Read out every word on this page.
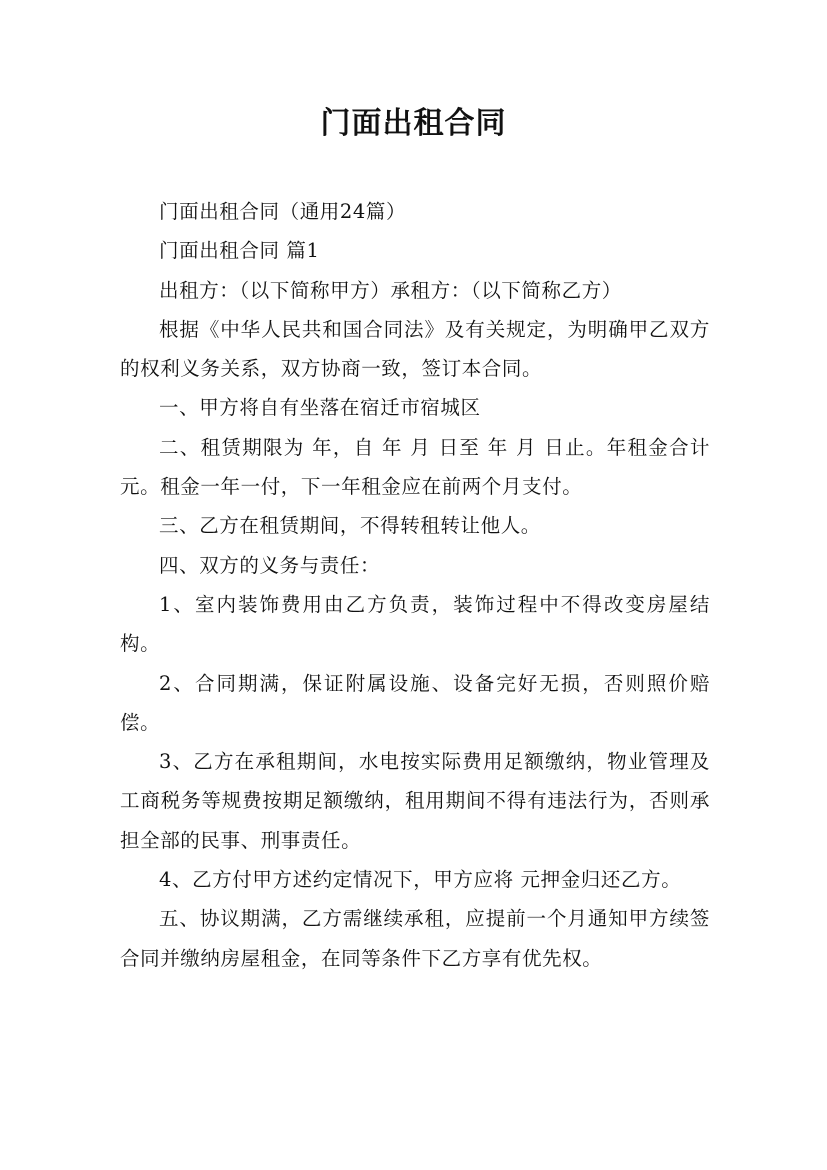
门面出租合同

门面出租合同（通用24篇）

门面出租合同 篇1

出租方：（以下简称甲方）承租方：（以下简称乙方）

根据《中华人民共和国合同法》及有关规定，为明确甲乙双方的权利义务关系，双方协商一致，签订本合同。

一、甲方将自有坐落在宿迁市宿城区

二、租赁期限为 年，自 年 月 日至 年 月 日止。年租金合计 元。租金一年一付，下一年租金应在前两个月支付。

三、乙方在租赁期间，不得转租转让他人。

四、双方的义务与责任：

1、室内装饰费用由乙方负责，装饰过程中不得改变房屋结构。

2、合同期满，保证附属设施、设备完好无损，否则照价赔偿。

3、乙方在承租期间，水电按实际费用足额缴纳，物业管理及工商税务等规费按期足额缴纳，租用期间不得有违法行为，否则承担全部的民事、刑事责任。

4、乙方付甲方述约定情况下，甲方应将 元押金归还乙方。

五、协议期满，乙方需继续承租，应提前一个月通知甲方续签合同并缴纳房屋租金，在同等条件下乙方享有优先权。
